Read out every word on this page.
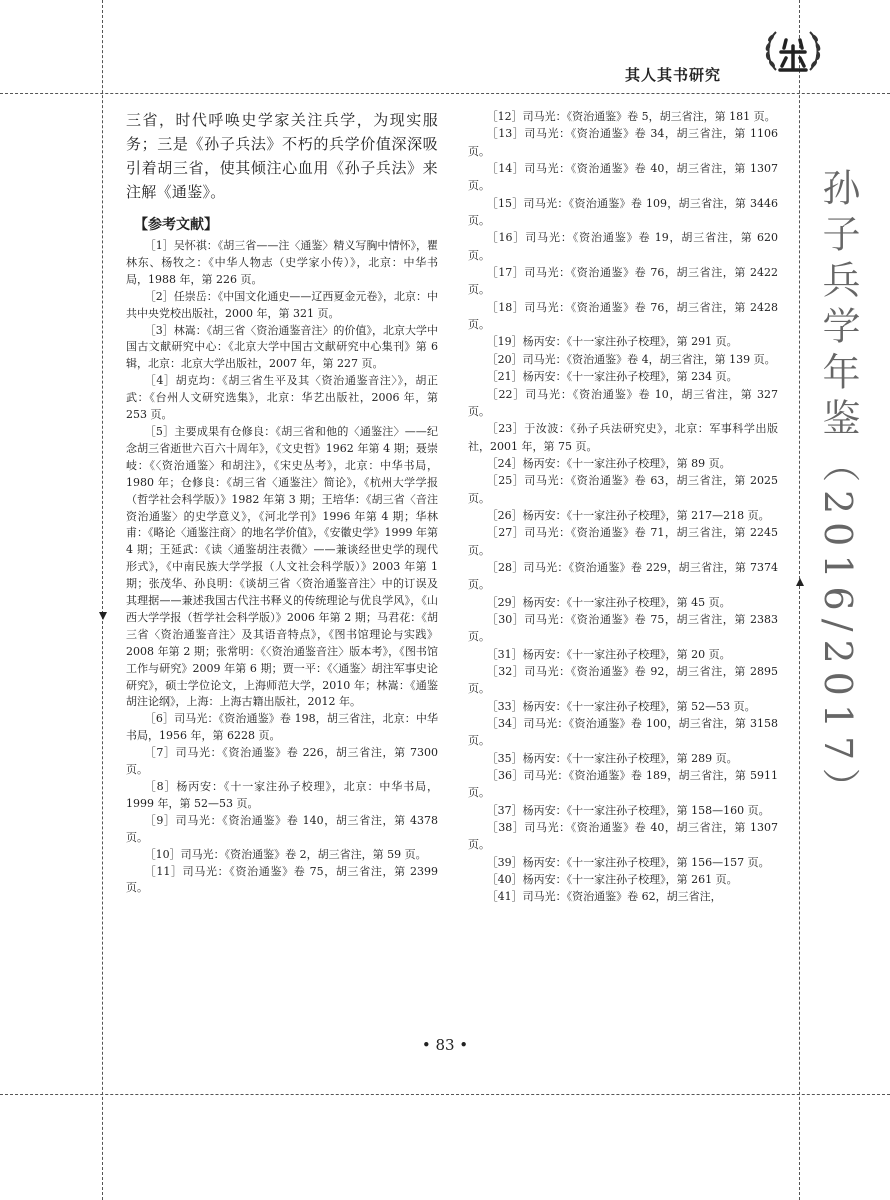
其人其书研究
孙子兵学年鉴（2016/2017）

三省，时代呼唤史学家关注兵学，为现实服务；三是《孙子兵法》不朽的兵学价值深深吸引着胡三省，使其倾注心血用《孙子兵法》来注解《通鉴》。

【参考文献】

［1］吴怀祺：《胡三省——注〈通鉴〉精义写胸中情怀》，瞿林东、杨牧之：《中华人物志（史学家小传）》，北京：中华书局，1988 年，第 226 页。

［2］任崇岳：《中国文化通史——辽西夏金元卷》，北京：中共中央党校出版社，2000 年，第 321 页。

［3］林嵩：《胡三省〈资治通鉴音注〉的价值》，北京大学中国古文献研究中心：《北京大学中国古文献研究中心集刊》第 6 辑，北京：北京大学出版社，2007 年，第 227 页。

［4］胡克均：《胡三省生平及其〈资治通鉴音注〉》，胡正武：《台州人文研究选集》，北京：华艺出版社，2006 年，第 253 页。

［5］主要成果有仓修良：《胡三省和他的〈通鉴注〉——纪念胡三省逝世六百六十周年》，《文史哲》1962 年第 4 期；聂崇岐：《〈资治通鉴〉和胡注》，《宋史丛考》，北京：中华书局，1980 年；仓修良：《胡三省〈通鉴注〉简论》，《杭州大学学报（哲学社会科学版）》1982 年第 3 期；王培华：《胡三省〈音注资治通鉴〉的史学意义》，《河北学刊》1996 年第 4 期；华林甫：《略论〈通鉴注商〉的地名学价值》，《安徽史学》1999 年第 4 期；王延武：《读〈通鉴胡注表微〉——兼谈经世史学的现代形式》，《中南民族大学学报（人文社会科学版）》2003 年第 1 期；张茂华、孙良明：《谈胡三省〈资治通鉴音注〉中的订误及其理据——兼述我国古代注书释义的传统理论与优良学风》，《山西大学学报（哲学社会科学版）》2006 年第 2 期；马君花：《胡三省〈资治通鉴音注〉及其语音特点》，《图书馆理论与实践》2008 年第 2 期；张常明：《〈资治通鉴音注〉版本考》，《图书馆工作与研究》2009 年第 6 期；贾一平：《〈通鉴〉胡注军事史论研究》，硕士学位论文，上海师范大学，2010 年；林嵩：《通鉴胡注论纲》，上海：上海古籍出版社，2012 年。

［6］司马光：《资治通鉴》卷 198，胡三省注，北京：中华书局，1956 年，第 6228 页。

［7］司马光：《资治通鉴》卷 226，胡三省注，第 7300 页。

［8］杨丙安：《十一家注孙子校理》，北京：中华书局，1999 年，第 52—53 页。

［9］司马光：《资治通鉴》卷 140，胡三省注，第 4378 页。

［10］司马光：《资治通鉴》卷 2，胡三省注，第 59 页。

［11］司马光：《资治通鉴》卷 75，胡三省注，第 2399 页。

［12］司马光：《资治通鉴》卷 5，胡三省注，第 181 页。

［13］司马光：《资治通鉴》卷 34，胡三省注，第 1106 页。

［14］司马光：《资治通鉴》卷 40，胡三省注，第 1307 页。

［15］司马光：《资治通鉴》卷 109，胡三省注，第 3446 页。

［16］司马光：《资治通鉴》卷 19，胡三省注，第 620 页。

［17］司马光：《资治通鉴》卷 76，胡三省注，第 2422 页。

［18］司马光：《资治通鉴》卷 76，胡三省注，第 2428 页。

［19］杨丙安：《十一家注孙子校理》，第 291 页。

［20］司马光：《资治通鉴》卷 4，胡三省注，第 139 页。

［21］杨丙安：《十一家注孙子校理》，第 234 页。

［22］司马光：《资治通鉴》卷 10，胡三省注，第 327 页。

［23］于汝波：《孙子兵法研究史》，北京：军事科学出版社，2001 年，第 75 页。

［24］杨丙安：《十一家注孙子校理》，第 89 页。

［25］司马光：《资治通鉴》卷 63，胡三省注，第 2025 页。

［26］杨丙安：《十一家注孙子校理》，第 217—218 页。

［27］司马光：《资治通鉴》卷 71，胡三省注，第 2245 页。

［28］司马光：《资治通鉴》卷 229，胡三省注，第 7374 页。

［29］杨丙安：《十一家注孙子校理》，第 45 页。

［30］司马光：《资治通鉴》卷 75，胡三省注，第 2383 页。

［31］杨丙安：《十一家注孙子校理》，第 20 页。

［32］司马光：《资治通鉴》卷 92，胡三省注，第 2895 页。

［33］杨丙安：《十一家注孙子校理》，第 52—53 页。

［34］司马光：《资治通鉴》卷 100，胡三省注，第 3158 页。

［35］杨丙安：《十一家注孙子校理》，第 289 页。

［36］司马光：《资治通鉴》卷 189，胡三省注，第 5911 页。

［37］杨丙安：《十一家注孙子校理》，第 158—160 页。

［38］司马光：《资治通鉴》卷 40，胡三省注，第 1307 页。

［39］杨丙安：《十一家注孙子校理》，第 156—157 页。

［40］杨丙安：《十一家注孙子校理》，第 261 页。

［41］司马光：《资治通鉴》卷 62，胡三省注，

• 83 •
